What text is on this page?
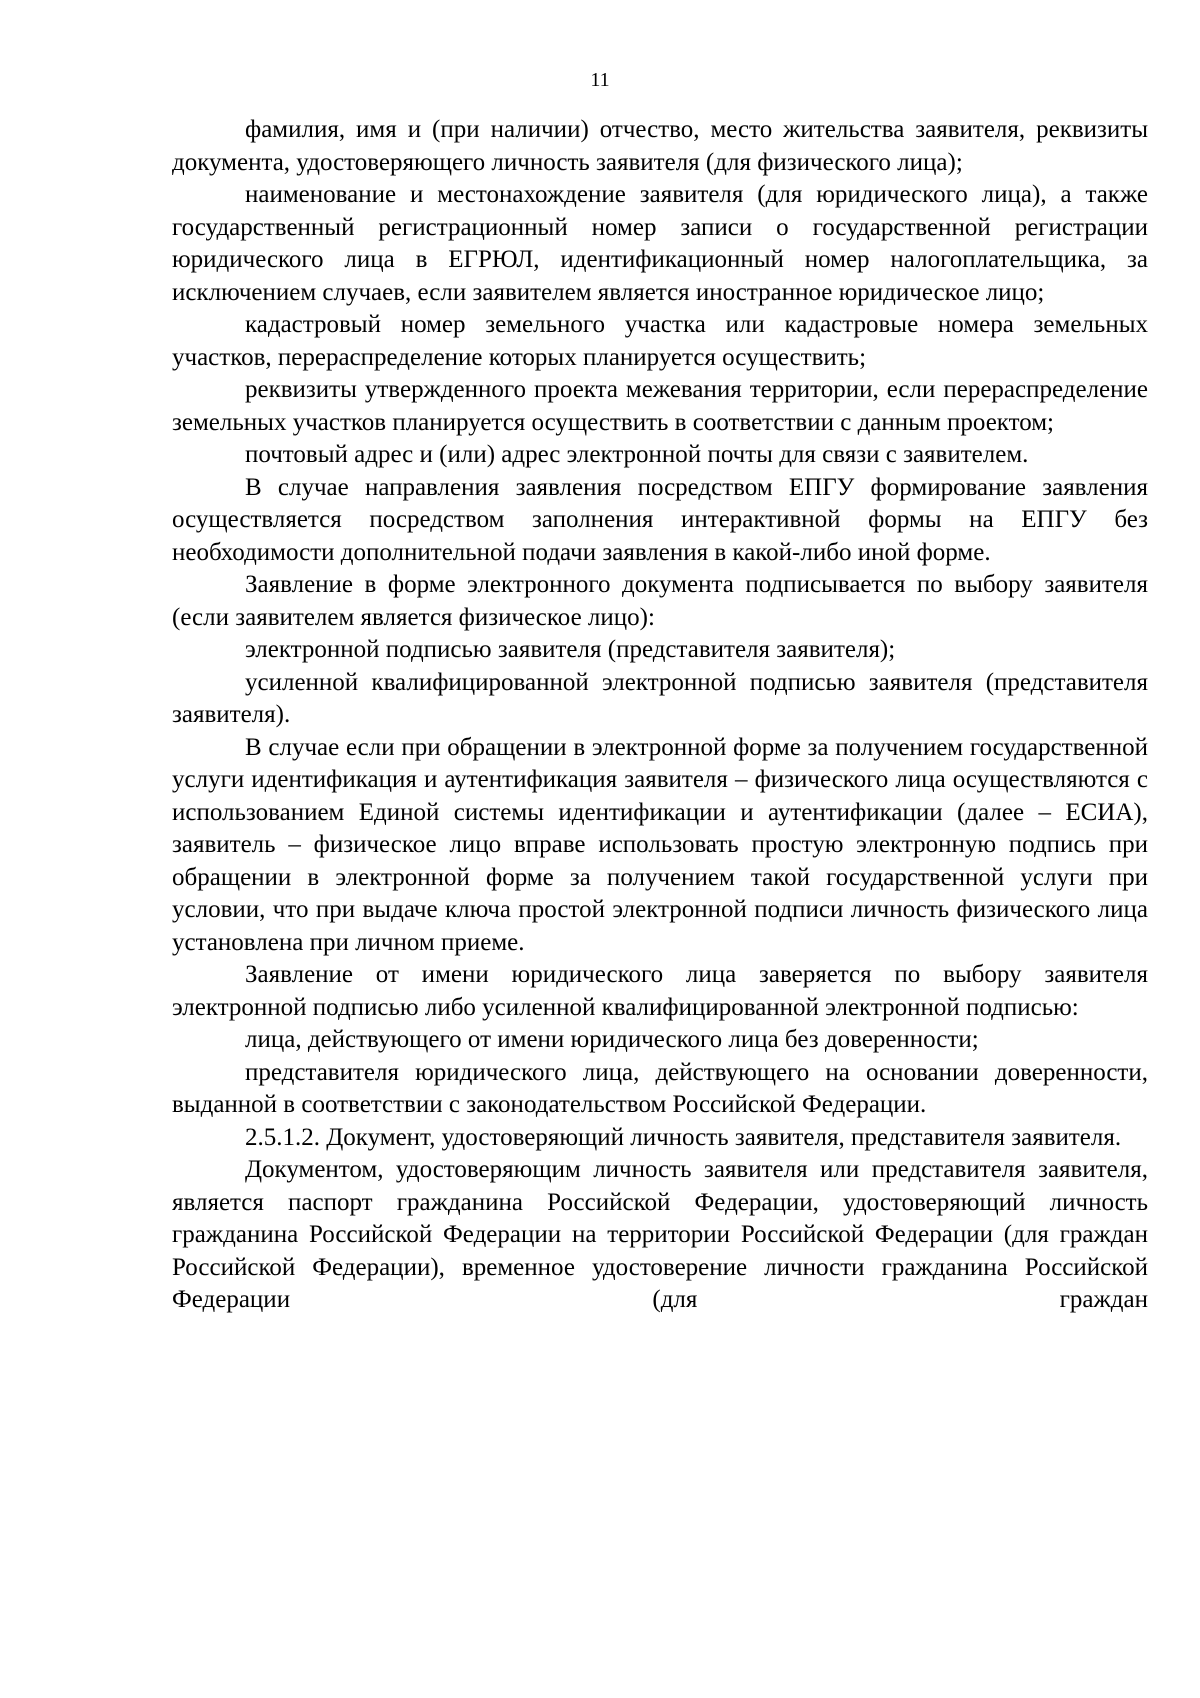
11

фамилия, имя и (при наличии) отчество, место жительства заявителя, реквизиты документа, удостоверяющего личность заявителя (для физического лица);

наименование и местонахождение заявителя (для юридического лица), а также государственный регистрационный номер записи о государственной регистрации юридического лица в ЕГРЮЛ, идентификационный номер налогоплательщика, за исключением случаев, если заявителем является иностранное юридическое лицо;

кадастровый номер земельного участка или кадастровые номера земельных участков, перераспределение которых планируется осуществить;

реквизиты утвержденного проекта межевания территории, если перераспределение земельных участков планируется осуществить в соответствии с данным проектом;

почтовый адрес и (или) адрес электронной почты для связи с заявителем.

В случае направления заявления посредством ЕПГУ формирование заявления осуществляется посредством заполнения интерактивной формы на ЕПГУ без необходимости дополнительной подачи заявления в какой-либо иной форме.

Заявление в форме электронного документа подписывается по выбору заявителя (если заявителем является физическое лицо):

электронной подписью заявителя (представителя заявителя);

усиленной квалифицированной электронной подписью заявителя (представителя заявителя).

В случае если при обращении в электронной форме за получением государственной услуги идентификация и аутентификация заявителя – физического лица осуществляются с использованием Единой системы идентификации и аутентификации (далее – ЕСИА), заявитель – физическое лицо вправе использовать простую электронную подпись при обращении в электронной форме за получением такой государственной услуги при условии, что при выдаче ключа простой электронной подписи личность физического лица установлена при личном приеме.

Заявление от имени юридического лица заверяется по выбору заявителя электронной подписью либо усиленной квалифицированной электронной подписью:

лица, действующего от имени юридического лица без доверенности;

представителя юридического лица, действующего на основании доверенности, выданной в соответствии с законодательством Российской Федерации.

2.5.1.2. Документ, удостоверяющий личность заявителя, представителя заявителя.

Документом, удостоверяющим личность заявителя или представителя заявителя, является паспорт гражданина Российской Федерации, удостоверяющий личность гражданина Российской Федерации на территории Российской Федерации (для граждан Российской Федерации), временное удостоверение личности гражданина Российской Федерации (для граждан
